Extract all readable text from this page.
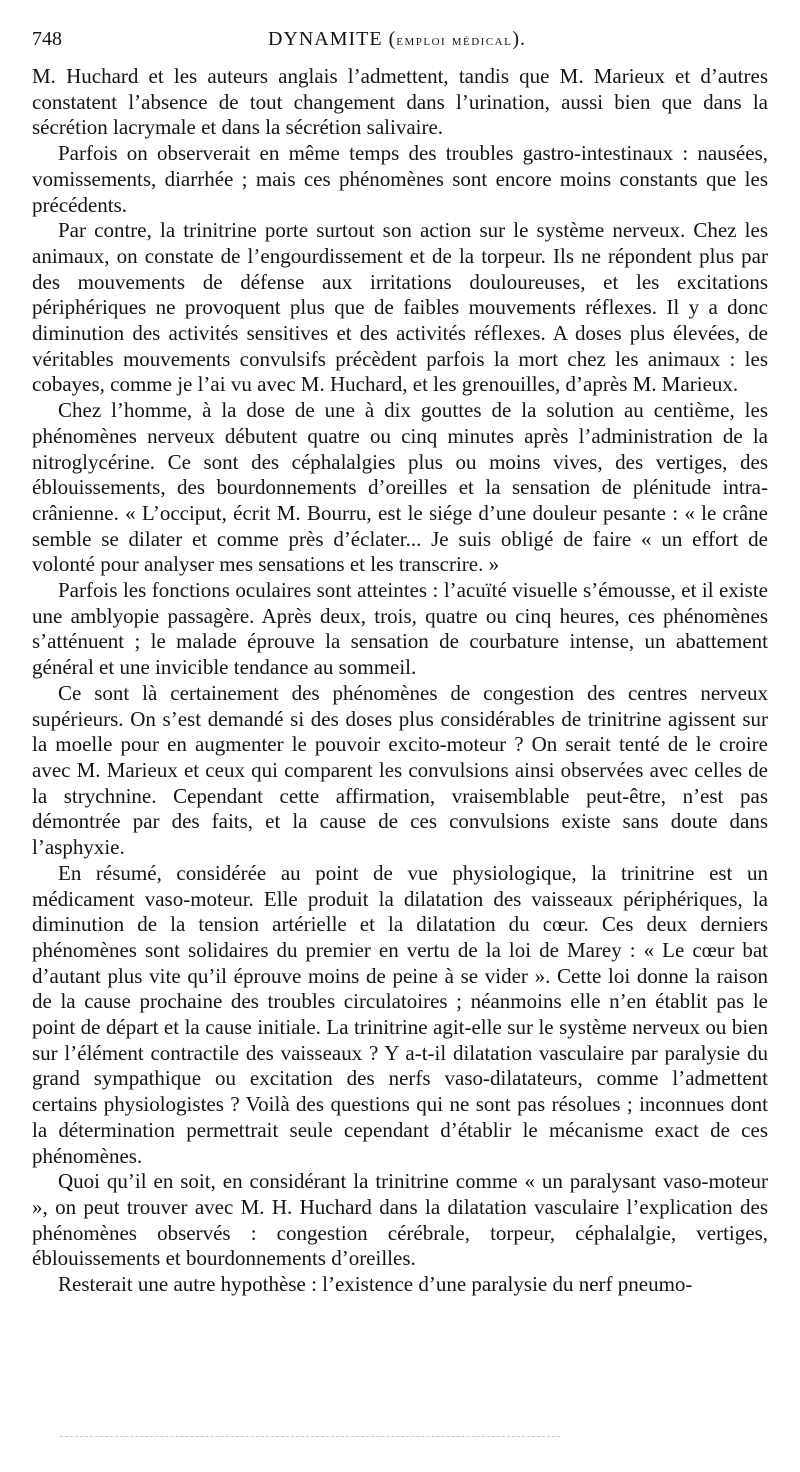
748	DYNAMITE (emploi médical).

M. Huchard et les auteurs anglais l’admettent, tandis que M. Marieux et d’autres constatent l’absence de tout changement dans l’urination, aussi bien que dans la sécrétion lacrymale et dans la sécrétion salivaire.

Parfois on observerait en même temps des troubles gastro-intestinaux : nausées, vomissements, diarrhée ; mais ces phénomènes sont encore moins constants que les précédents.

Par contre, la trinitrine porte surtout son action sur le système nerveux. Chez les animaux, on constate de l’engourdissement et de la torpeur. Ils ne répondent plus par des mouvements de défense aux irritations douloureuses, et les excitations périphériques ne provoquent plus que de faibles mouvements réflexes. Il y a donc diminution des activités sensitives et des activités réflexes. A doses plus élevées, de véritables mouvements convulsifs précèdent parfois la mort chez les animaux : les cobayes, comme je l’ai vu avec M. Huchard, et les grenouilles, d’après M. Marieux.

Chez l’homme, à la dose de une à dix gouttes de la solution au centième, les phénomènes nerveux débutent quatre ou cinq minutes après l’administration de la nitroglycérine. Ce sont des céphalalgies plus ou moins vives, des vertiges, des éblouissements, des bourdonnements d’oreilles et la sensation de plénitude intra-crânienne. « L’occiput, écrit M. Bourru, est le siége d’une douleur pesante : « le crâne semble se dilater et comme près d’éclater... Je suis obligé de faire « un effort de volonté pour analyser mes sensations et les transcrire. »

Parfois les fonctions oculaires sont atteintes : l’acuïté visuelle s’émousse, et il existe une amblyopie passagère. Après deux, trois, quatre ou cinq heures, ces phénomènes s’atténuent ; le malade éprouve la sensation de courbature intense, un abattement général et une invicible tendance au sommeil.

Ce sont là certainement des phénomènes de congestion des centres nerveux supérieurs. On s’est demandé si des doses plus considérables de trinitrine agissent sur la moelle pour en augmenter le pouvoir excito-moteur ? On serait tenté de le croire avec M. Marieux et ceux qui comparent les convulsions ainsi observées avec celles de la strychnine. Cependant cette affirmation, vraisemblable peut-être, n’est pas démontrée par des faits, et la cause de ces convulsions existe sans doute dans l’asphyxie.

En résumé, considérée au point de vue physiologique, la trinitrine est un médicament vaso-moteur. Elle produit la dilatation des vaisseaux périphériques, la diminution de la tension artérielle et la dilatation du cœur. Ces deux derniers phénomènes sont solidaires du premier en vertu de la loi de Marey : « Le cœur bat d’autant plus vite qu’il éprouve moins de peine à se vider ». Cette loi donne la raison de la cause prochaine des troubles circulatoires ; néanmoins elle n’en établit pas le point de départ et la cause initiale. La trinitrine agit-elle sur le système nerveux ou bien sur l’élément contractile des vaisseaux ? Y a-t-il dilatation vasculaire par paralysie du grand sympathique ou excitation des nerfs vaso-dilatateurs, comme l’admettent certains physiologistes ? Voilà des questions qui ne sont pas résolues ; inconnues dont la détermination permettrait seule cependant d’établir le mécanisme exact de ces phénomènes.

Quoi qu’il en soit, en considérant la trinitrine comme « un paralysant vaso-moteur », on peut trouver avec M. H. Huchard dans la dilatation vasculaire l’explication des phénomènes observés : congestion cérébrale, torpeur, céphalalgie, vertiges, éblouissements et bourdonnements d’oreilles.

Resterait une autre hypothèse : l’existence d’une paralysie du nerf pneumo-
